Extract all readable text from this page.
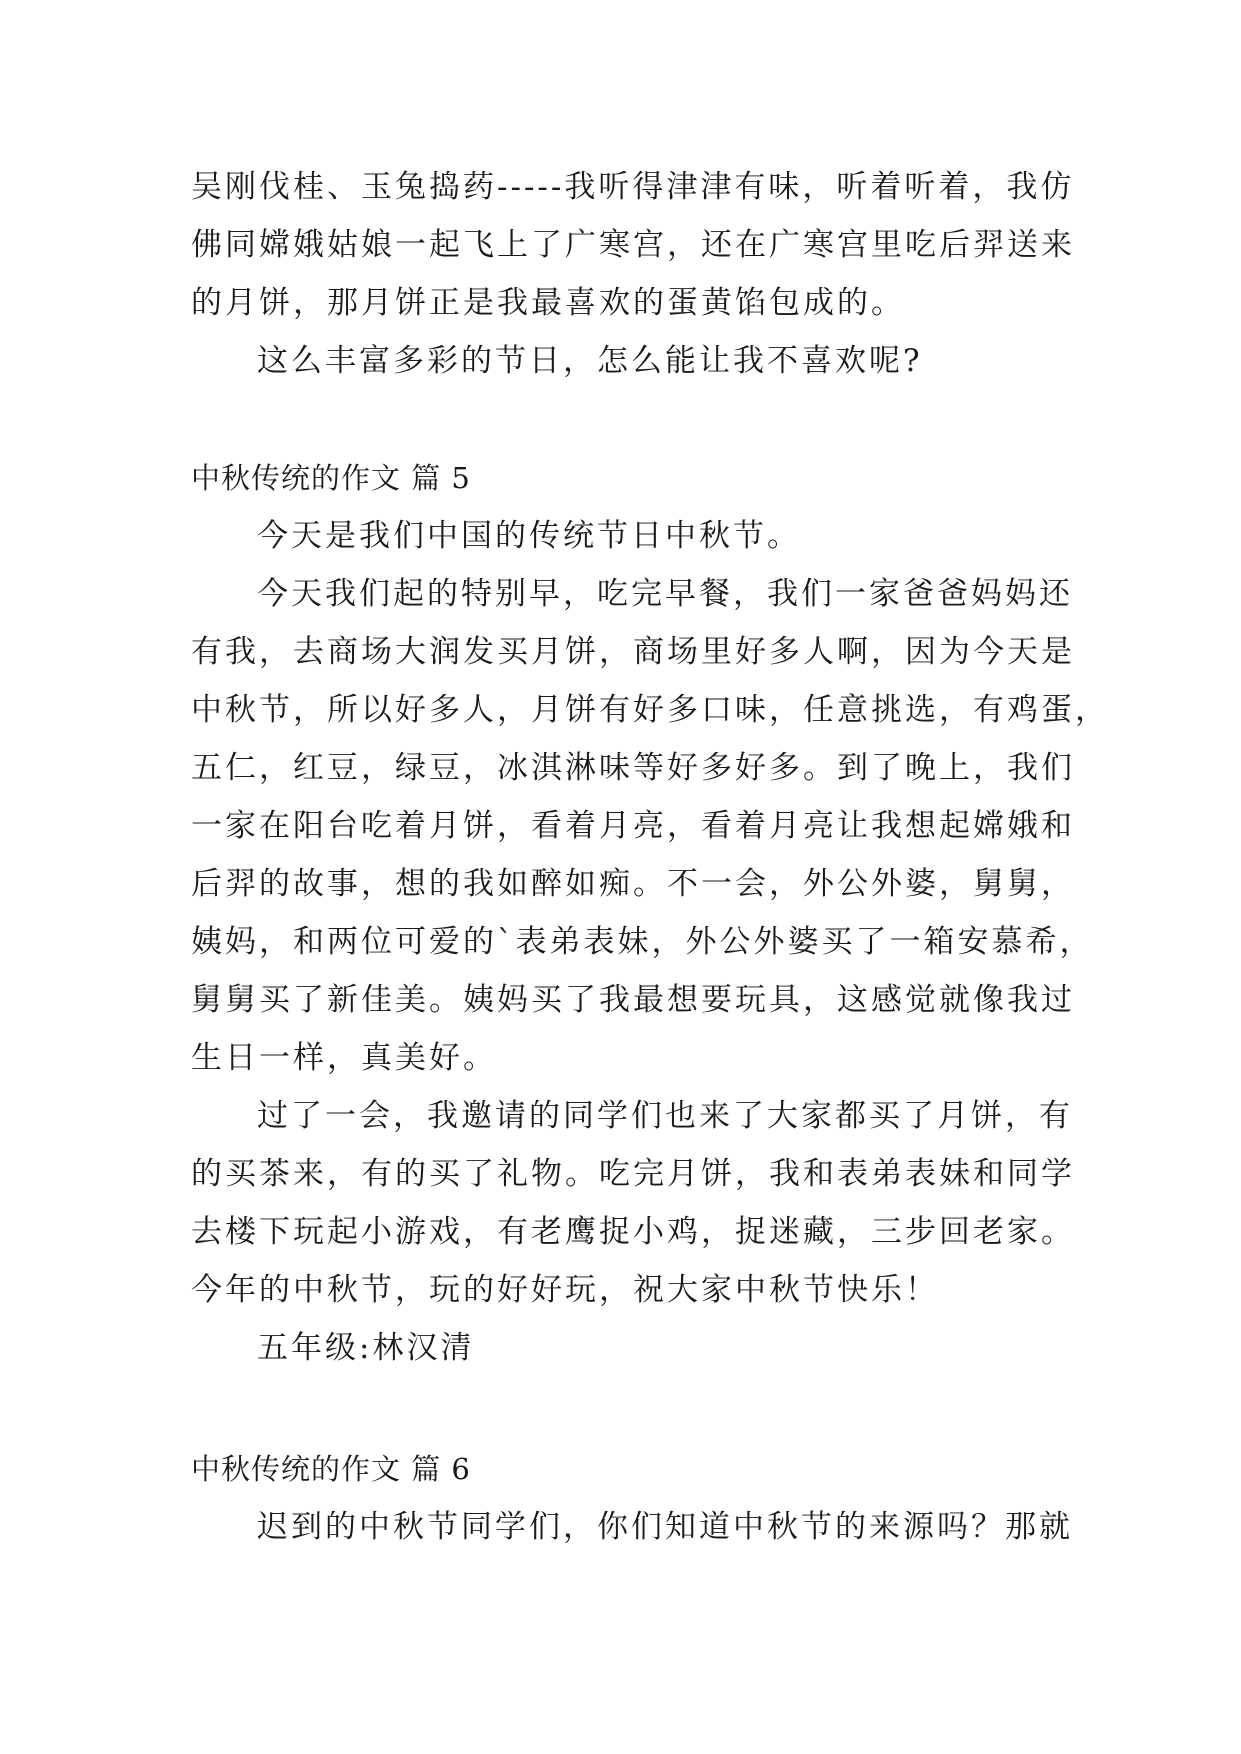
吴刚伐桂、玉兔捣药-----我听得津津有味，听着听着，我仿
佛同嫦娥姑娘一起飞上了广寒宫，还在广寒宫里吃后羿送来
的月饼，那月饼正是我最喜欢的蛋黄馅包成的。
这么丰富多彩的节日，怎么能让我不喜欢呢?
中秋传统的作文 篇 5
今天是我们中国的传统节日中秋节。
今天我们起的特别早，吃完早餐，我们一家爸爸妈妈还
有我，去商场大润发买月饼，商场里好多人啊，因为今天是
中秋节，所以好多人，月饼有好多口味，任意挑选，有鸡蛋，
五仁，红豆，绿豆，冰淇淋味等好多好多。到了晚上，我们
一家在阳台吃着月饼，看着月亮，看着月亮让我想起嫦娥和
后羿的故事，想的我如醉如痴。不一会，外公外婆，舅舅，
姨妈，和两位可爱的`表弟表妹，外公外婆买了一箱安慕希，
舅舅买了新佳美。姨妈买了我最想要玩具，这感觉就像我过
生日一样，真美好。
过了一会，我邀请的同学们也来了大家都买了月饼，有
的买茶来，有的买了礼物。吃完月饼，我和表弟表妹和同学
去楼下玩起小游戏，有老鹰捉小鸡，捉迷藏，三步回老家。
今年的中秋节，玩的好好玩，祝大家中秋节快乐！
五年级:林汉清
中秋传统的作文 篇 6
迟到的中秋节同学们，你们知道中秋节的来源吗？那就
